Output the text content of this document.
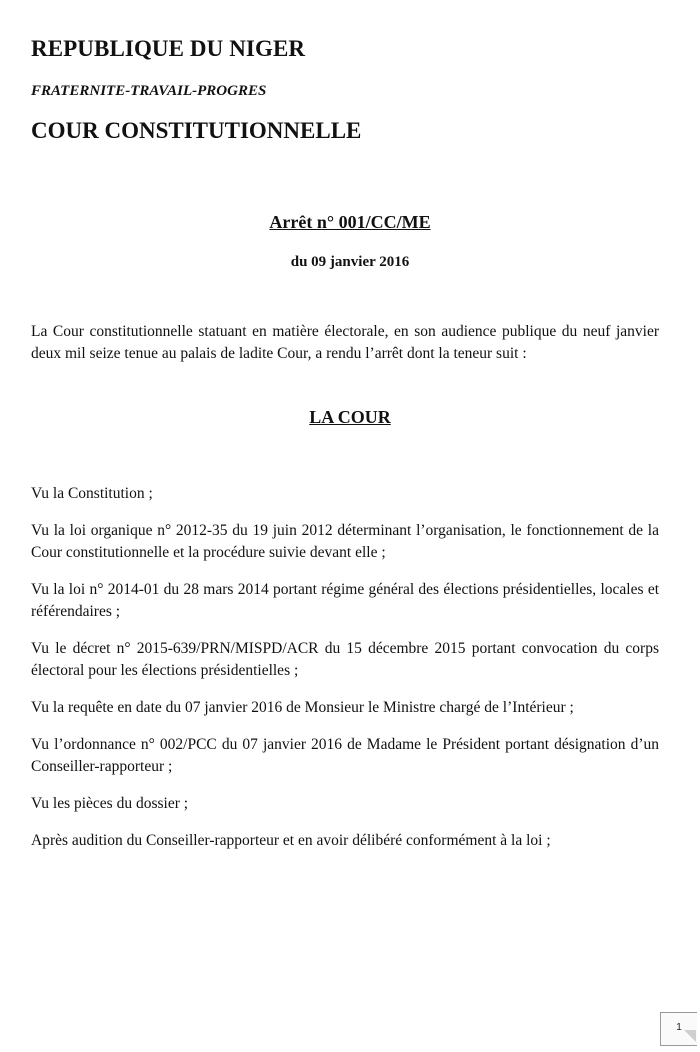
REPUBLIQUE DU NIGER
FRATERNITE-TRAVAIL-PROGRES
COUR CONSTITUTIONNELLE
Arrêt n° 001/CC/ME
du 09 janvier 2016
La Cour constitutionnelle statuant en matière électorale, en son audience publique du neuf janvier deux mil seize tenue au palais de ladite Cour, a rendu l’arrêt dont la teneur suit :
LA COUR
Vu la Constitution ;
Vu la loi organique n° 2012-35 du 19 juin 2012 déterminant l’organisation, le fonctionnement de la Cour constitutionnelle et la procédure suivie devant elle ;
Vu la loi n° 2014-01 du 28 mars 2014 portant régime général des élections présidentielles, locales et référendaires ;
Vu le décret n° 2015-639/PRN/MISPD/ACR du 15 décembre 2015 portant convocation du corps électoral pour les élections présidentielles ;
Vu la requête en date du 07 janvier 2016 de Monsieur le Ministre chargé de l’Intérieur ;
Vu l’ordonnance n° 002/PCC du 07 janvier 2016 de Madame le Président portant désignation d’un Conseiller-rapporteur ;
Vu les pièces du dossier ;
Après audition du Conseiller-rapporteur et en avoir délibéré conformément à la loi ;
1
